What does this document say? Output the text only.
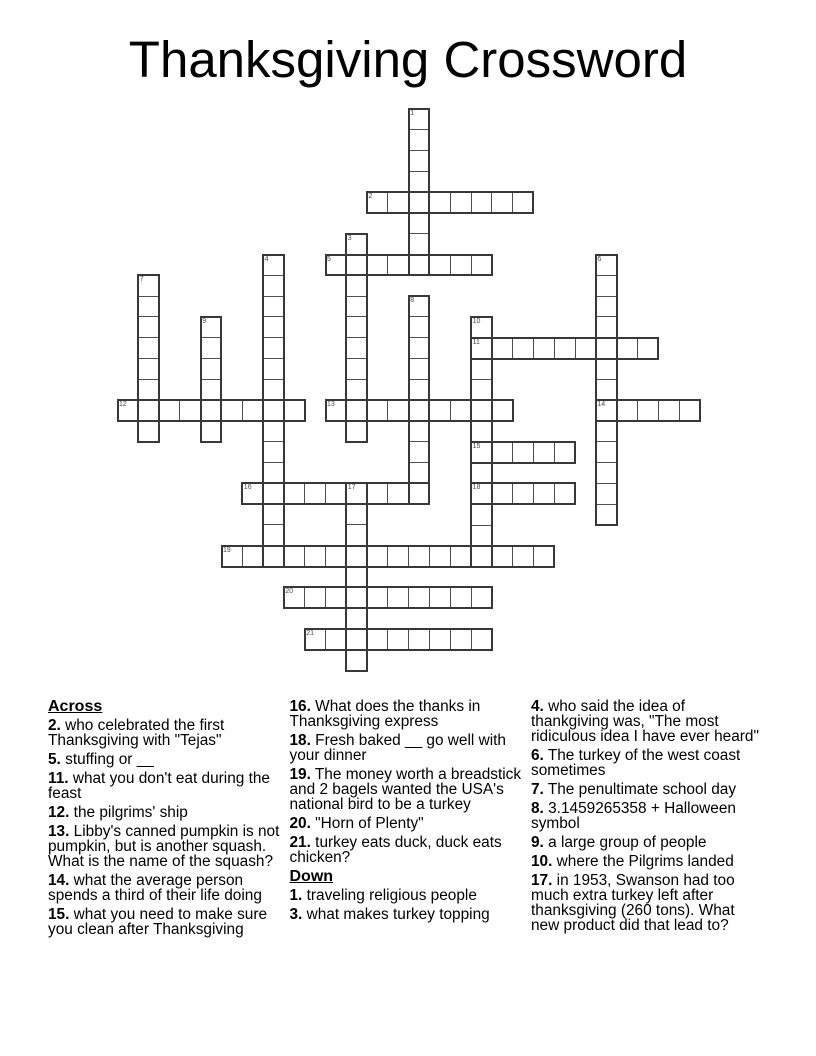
Thanksgiving Crossword
1
2
3
4	5	6
7
8
9	10
11
12	13	14
15
16	17	18
19
20
21
Across

2. who celebrated the first Thanksgiving with "Tejas"

5. stuffing or __

11. what you don't eat during the feast

12. the pilgrims' ship

13. Libby's canned pumpkin is not pumpkin, but is another squash. What is the name of the squash?

14. what the average person spends a third of their life doing

15. what you need to make sure you clean after Thanksgiving

16. What does the thanks in Thanksgiving express

18. Fresh baked __ go well with your dinner

19. The money worth a breadstick and 2 bagels wanted the USA's national bird to be a turkey

20. "Horn of Plenty"

21. turkey eats duck, duck eats chicken?

Down

1. traveling religious people

3. what makes turkey topping

4. who said the idea of thankgiving was, "The most ridiculous idea I have ever heard"

6. The turkey of the west coast sometimes

7. The penultimate school day

8. 3.1459265358 + Halloween symbol

9. a large group of people

10. where the Pilgrims landed

17. in 1953, Swanson had too much extra turkey left after thanksgiving (260 tons). What new product did that lead to?
